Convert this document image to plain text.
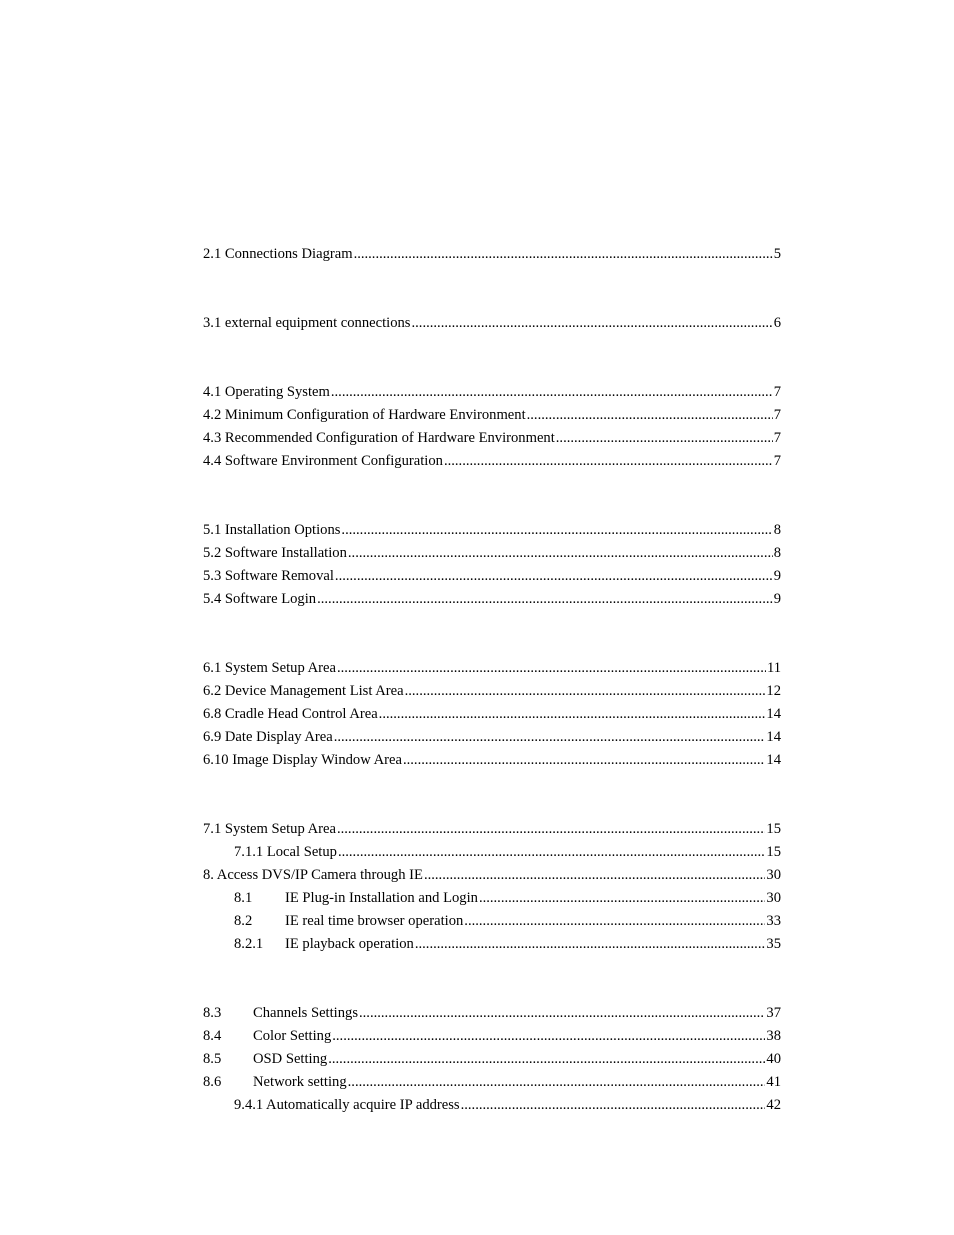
2.1 Connections Diagram .....	5
3.1 external equipment connections .....	6
4.1 Operating System .....	7
4.2 Minimum Configuration of Hardware Environment .....	7
4.3 Recommended Configuration of Hardware Environment .....	7
4.4 Software Environment Configuration .....	7
5.1 Installation Options .....	8
5.2 Software Installation .....	8
5.3 Software Removal .....	9
5.4 Software Login .....	9
6.1 System Setup Area .....	11
6.2 Device Management List Area .....	12
6.8 Cradle Head Control Area .....	14
6.9 Date Display Area .....	14
6.10 Image Display Window Area .....	14
7.1 System Setup Area .....	15
7.1.1 Local Setup .....	15
8. Access DVS/IP Camera through IE .....	30
8.1	IE Plug-in Installation and Login .....	30
8.2	IE real time browser operation .....	33
8.2.1	IE playback operation .....	35
8.3	Channels Settings .....	37
8.4	Color Setting .....	38
8.5	OSD Setting .....	40
8.6	Network setting .....	41
9.4.1 Automatically acquire IP address .....	42
